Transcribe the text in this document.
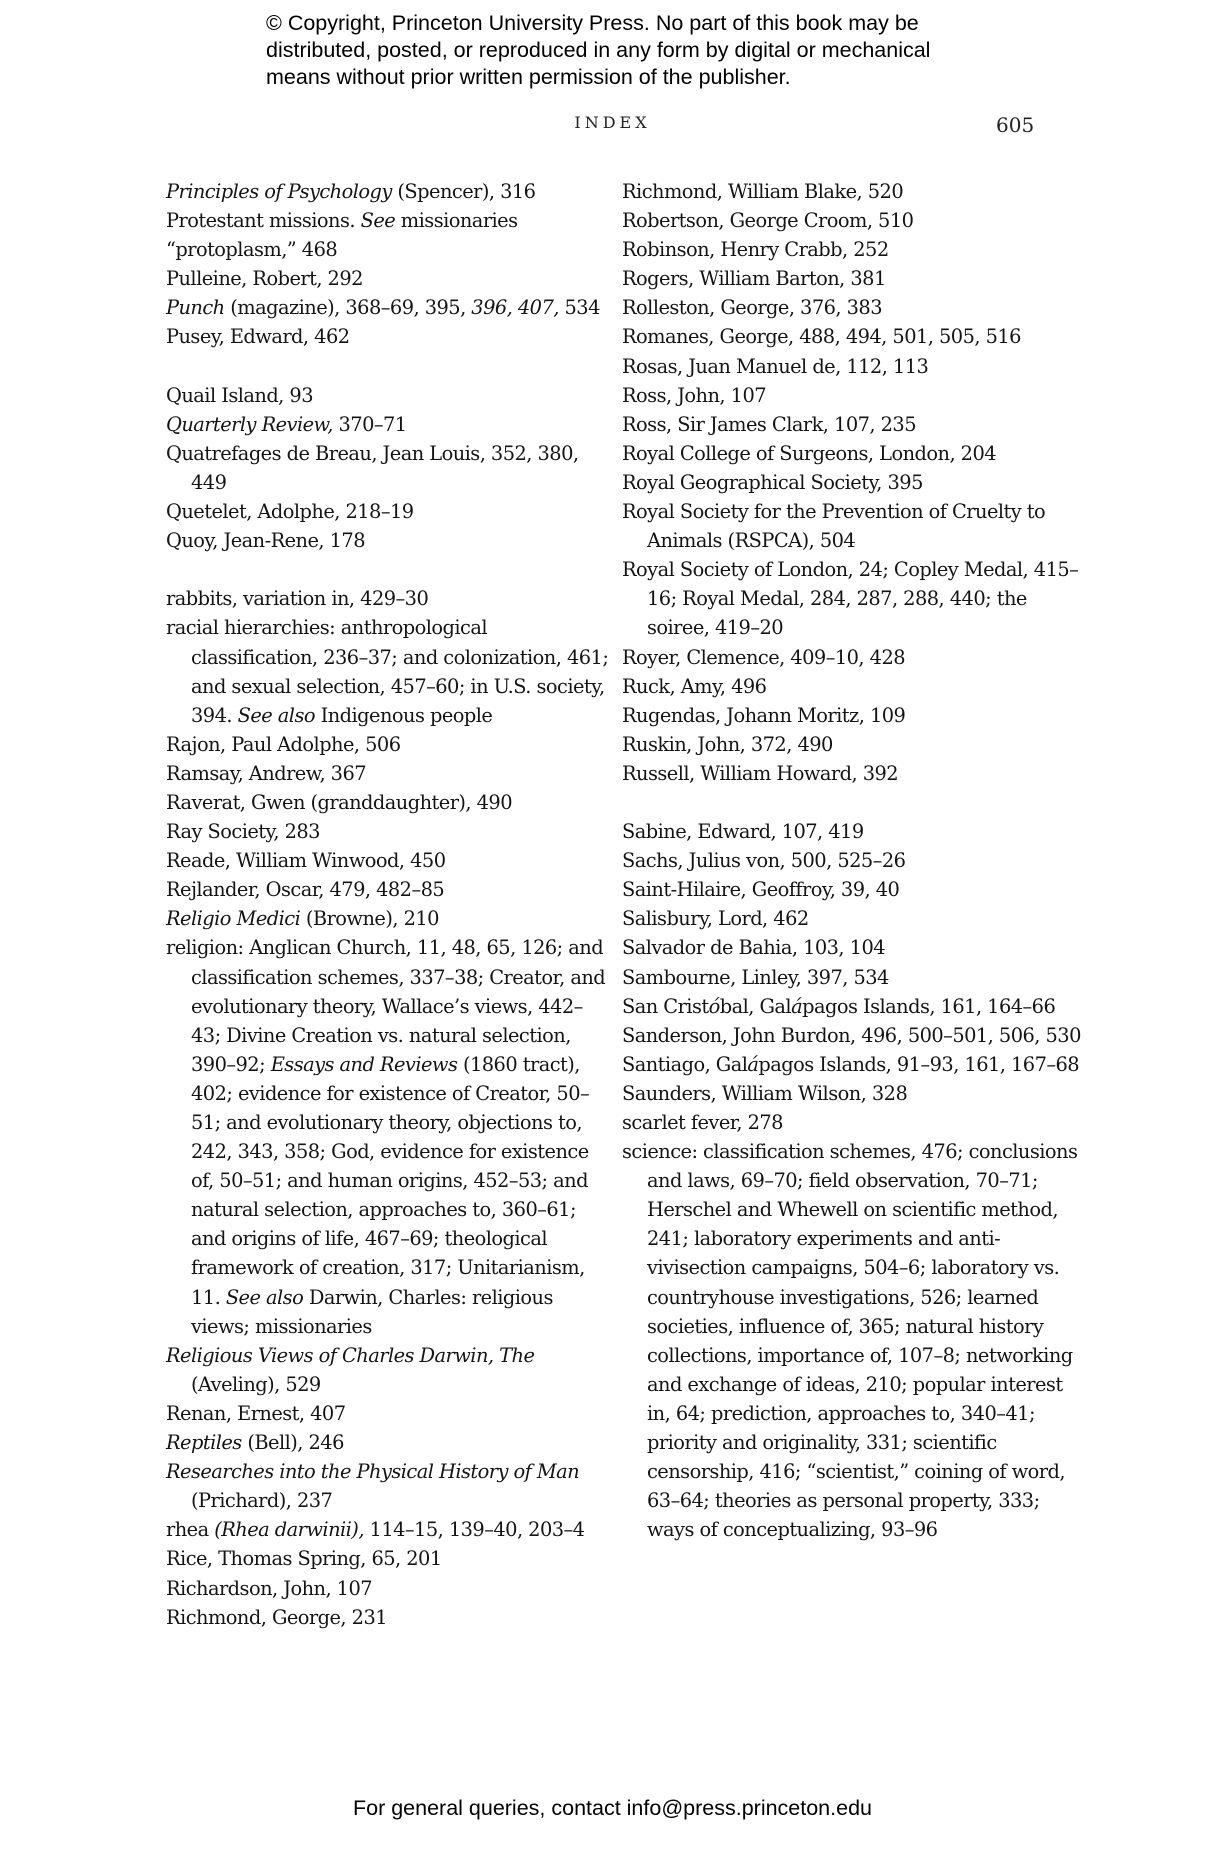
© Copyright, Princeton University Press. No part of this book may be

distributed, posted, or reproduced in any form by digital or mechanical

means without prior written permission of the publisher.

INDEX	605

Principles of Psychology (Spencer), 316

Protestant missions. See missionaries

“protoplasm,” 468

Pulleine, Robert, 292

Punch (magazine), 368–69, 395, 396, 407, 534

Pusey, Edward, 462

Quail Island, 93

Quarterly Review, 370–71

Quatrefages de Breau, Jean Louis, 352, 380, 449

Quetelet, Adolphe, 218–19

Quoy, Jean-Rene, 178

rabbits, variation in, 429–30

racial hierarchies: anthropological classification, 236–37; and colonization, 461; and sexual selection, 457–60; in U.S. society, 394. See also Indigenous people

Rajon, Paul Adolphe, 506

Ramsay, Andrew, 367

Raverat, Gwen (granddaughter), 490

Ray Society, 283

Reade, William Winwood, 450

Rejlander, Oscar, 479, 482–85

Religio Medici (Browne), 210

religion: Anglican Church, 11, 48, 65, 126; and classification schemes, 337–38; Creator, and evolutionary theory, Wallace’s views, 442–43; Divine Creation vs. natural selection, 390–92; Essays and Reviews (1860 tract), 402; evidence for existence of Creator, 50–51; and evolutionary theory, objections to, 242, 343, 358; God, evidence for existence of, 50–51; and human origins, 452–53; and natural selection, approaches to, 360–61; and origins of life, 467–69; theological framework of creation, 317; Unitarianism, 11. See also Darwin, Charles: religious views; missionaries

Religious Views of Charles Darwin, The (Aveling), 529

Renan, Ernest, 407

Reptiles (Bell), 246

Researches into the Physical History of Man (Prichard), 237

rhea (Rhea darwinii), 114–15, 139–40, 203–4

Rice, Thomas Spring, 65, 201

Richardson, John, 107

Richmond, George, 231

Richmond, William Blake, 520

Robertson, George Croom, 510

Robinson, Henry Crabb, 252

Rogers, William Barton, 381

Rolleston, George, 376, 383

Romanes, George, 488, 494, 501, 505, 516

Rosas, Juan Manuel de, 112, 113

Ross, John, 107

Ross, Sir James Clark, 107, 235

Royal College of Surgeons, London, 204

Royal Geographical Society, 395

Royal Society for the Prevention of Cruelty to Animals (RSPCA), 504

Royal Society of London, 24; Copley Medal, 415–16; Royal Medal, 284, 287, 288, 440; the soiree, 419–20

Royer, Clemence, 409–10, 428

Ruck, Amy, 496

Rugendas, Johann Moritz, 109

Ruskin, John, 372, 490

Russell, William Howard, 392

Sabine, Edward, 107, 419

Sachs, Julius von, 500, 525–26

Saint-Hilaire, Geoffroy, 39, 40

Salisbury, Lord, 462

Salvador de Bahia, 103, 104

Sambourne, Linley, 397, 534

San Cristóbal, Galápagos Islands, 161, 164–66

Sanderson, John Burdon, 496, 500–501, 506, 530

Santiago, Galápagos Islands, 91–93, 161, 167–68

Saunders, William Wilson, 328

scarlet fever, 278

science: classification schemes, 476; conclusions and laws, 69–70; field observation, 70–71; Herschel and Whewell on scientific method, 241; laboratory experiments and anti-vivisection campaigns, 504–6; laboratory vs. countryhouse investigations, 526; learned societies, influence of, 365; natural history collections, importance of, 107–8; networking and exchange of ideas, 210; popular interest in, 64; prediction, approaches to, 340–41; priority and originality, 331; scientific censorship, 416; “scientist,” coining of word, 63–64; theories as personal property, 333; ways of conceptualizing, 93–96

For general queries, contact info@press.princeton.edu
